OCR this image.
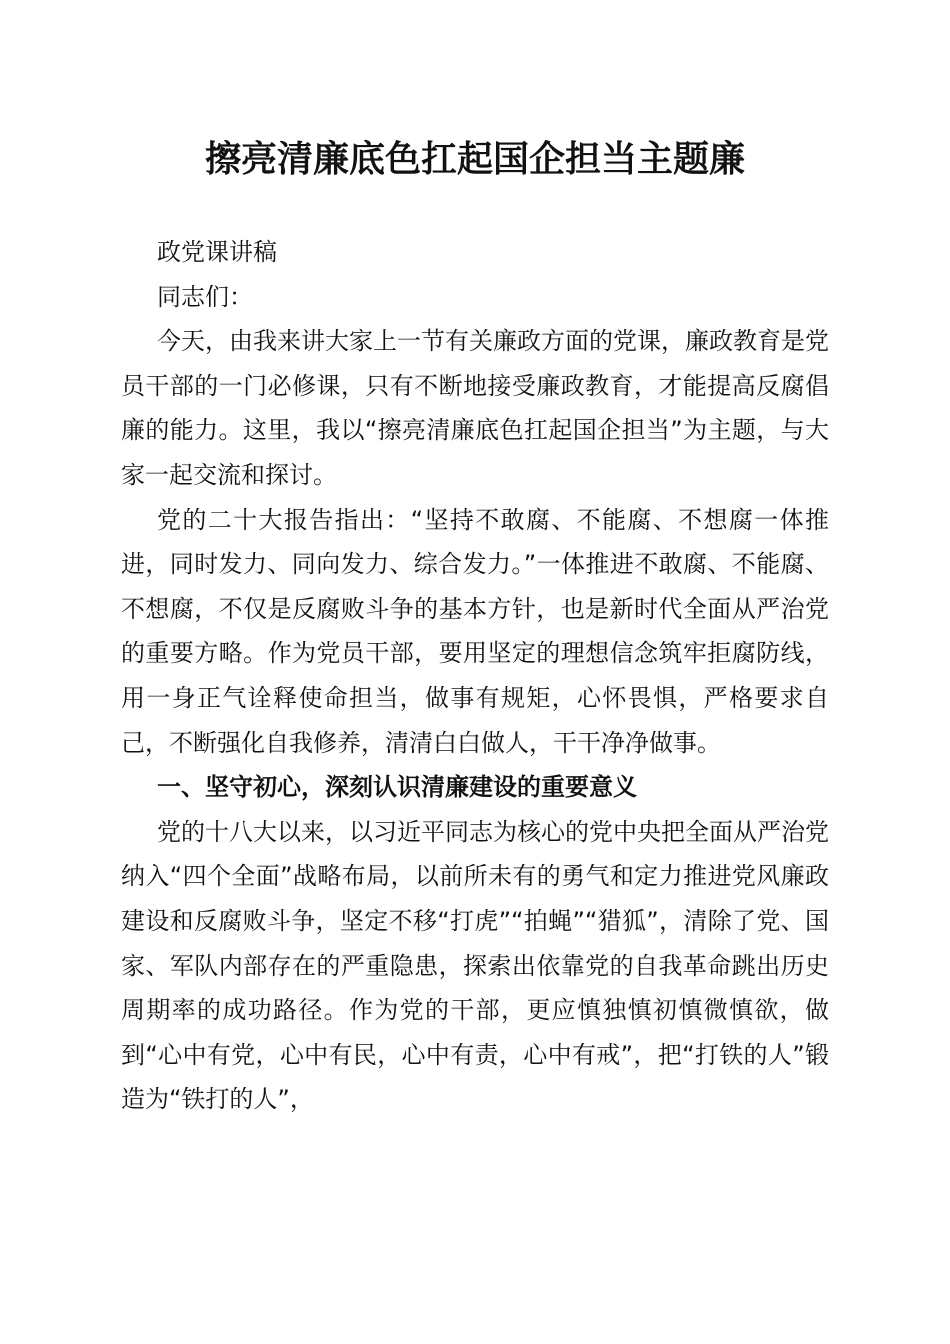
擦亮清廉底色扛起国企担当主题廉

政党课讲稿

同志们：

今天，由我来讲大家上一节有关廉政方面的党课，廉政教育是党员干部的一门必修课，只有不断地接受廉政教育，才能提高反腐倡廉的能力。这里，我以“擦亮清廉底色扛起国企担当”为主题，与大家一起交流和探讨。

党的二十大报告指出：“坚持不敢腐、不能腐、不想腐一体推进，同时发力、同向发力、综合发力。”一体推进不敢腐、不能腐、不想腐，不仅是反腐败斗争的基本方针，也是新时代全面从严治党的重要方略。作为党员干部，要用坚定的理想信念筑牢拒腐防线，用一身正气诠释使命担当，做事有规矩，心怀畏惧，严格要求自己，不断强化自我修养，清清白白做人，干干净净做事。

一、坚守初心，深刻认识清廉建设的重要意义

党的十八大以来，以习近平同志为核心的党中央把全面从严治党纳入“四个全面”战略布局，以前所未有的勇气和定力推进党风廉政建设和反腐败斗争，坚定不移“打虎”“拍蝇”“猎狐”，清除了党、国家、军队内部存在的严重隐患，探索出依靠党的自我革命跳出历史周期率的成功路径。作为党的干部，更应慎独慎初慎微慎欲，做到“心中有党，心中有民，心中有责，心中有戒”，把“打铁的人”锻造为“铁打的人”，
